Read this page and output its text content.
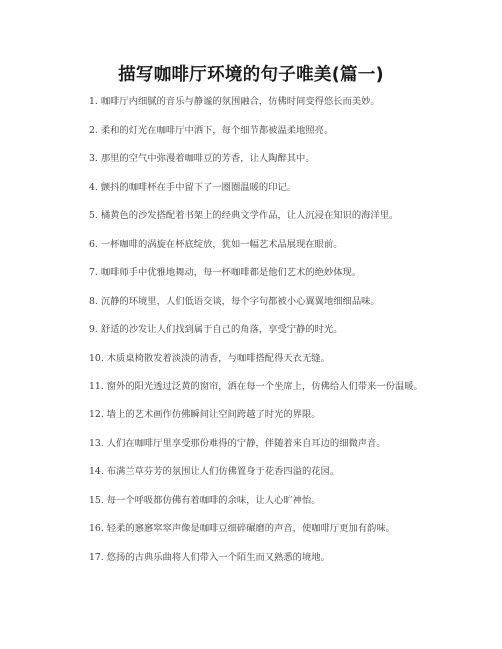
描写咖啡厅环境的句子唯美(篇一)
1. 咖啡厅内细腻的音乐与静谧的氛围融合，仿佛时间变得悠长而美妙。
2. 柔和的灯光在咖啡厅中洒下，每个细节都被温柔地照亮。
3. 那里的空气中弥漫着咖啡豆的芳香，让人陶醉其中。
4. 颤抖的咖啡杯在手中留下了一圈圈温暖的印记。
5. 橘黄色的沙发搭配着书架上的经典文学作品，让人沉浸在知识的海洋里。
6. 一杯咖啡的涡旋在杯底绽放，犹如一幅艺术品展现在眼前。
7. 咖啡师手中优雅地舞动，每一杯咖啡都是他们艺术的绝妙体现。
8. 沉静的环境里，人们低语交谈，每个字句都被小心翼翼地细细品味。
9. 舒适的沙发让人们找到属于自己的角落，享受宁静的时光。
10. 木质桌椅散发着淡淡的清香，与咖啡搭配得天衣无缝。
11. 窗外的阳光透过泛黄的窗帘，洒在每一个坐席上，仿佛给人们带来一份温暖。
12. 墙上的艺术画作仿佛瞬间让空间跨越了时光的界限。
13. 人们在咖啡厅里享受那份难得的宁静，伴随着来自耳边的细微声音。
14. 布满兰草芬芳的氛围让人们仿佛置身于花香四溢的花园。
15. 每一个呼吸都仿佛有着咖啡的余味，让人心旷神怡。
16. 轻柔的窸窸窣窣声像是咖啡豆细碎碾磨的声音，使咖啡厅更加有韵味。
17. 悠扬的古典乐曲将人们带入一个陌生而又熟悉的境地。
